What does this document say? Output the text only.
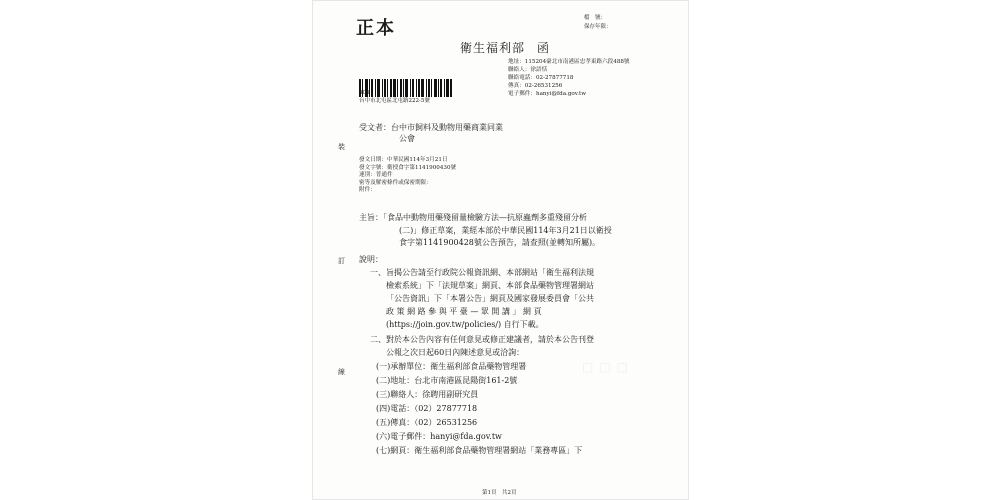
正本	檔　號：
保存年限：
衛生福利部 函
地址：115204臺北市南港區忠孝東路六段488號
聯絡人：徐語恬
聯絡電話：02-27877718
傳真：02-26531256
電子郵件：hanyi@fda.gov.tw
406
台中市北屯區北屯路222-5號
受文者：台中市飼料及動物用藥商業同業
公會
發文日期：中華民國114年3月21日
發文字號：衛授食字第1141900430號
速別：普通件
密等及解密條件或保密期限：
附件：
主旨：「食品中動物用藥殘留量檢驗方法—抗原蟲劑多重殘留分析
(二)」修正草案，業經本部於中華民國114年3月21日以衛授
食字第1141900428號公告預告，請查照(並轉知所屬)。
說明：
一、旨揭公告請至行政院公報資訊網、本部網站「衛生福利法規
檢索系統」下「法規草案」網頁、本部食品藥物管理署網站
「公告資訊」下「本署公告」網頁及國家發展委員會「公共
政 策 網 路 參 與 平 臺 — 眾 開 講 」 網 頁
(https://join.gov.tw/policies/) 自行下載。
二、對於本公告內容有任何意見或修正建議者，請於本公告刊登
公報之次日起60日內陳述意見或洽詢：
(一)承辦單位：衛生福利部食品藥物管理署
(二)地址：台北市南港區昆陽街161-2號
(三)聯絡人：徐聘用副研究員
(四)電話：（02）27877718
(五)傳真：（02）26531256
(六)電子郵件：hanyi@fda.gov.tw
(七)網頁：衛生福利部食品藥物管理署網站「業務專區」下
裝
訂
線	□□□
第1頁　共2頁
